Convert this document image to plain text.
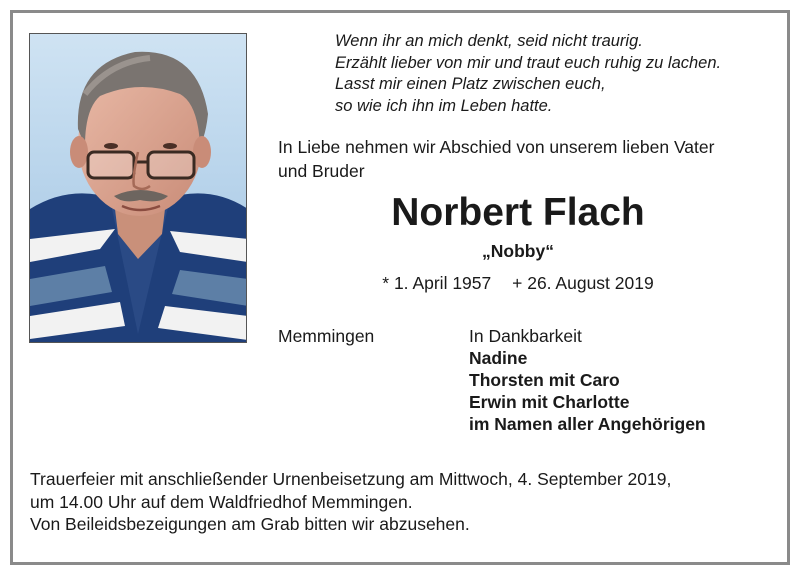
Wenn ihr an mich denkt, seid nicht traurig.
Erzählt lieber von mir und traut euch ruhig zu lachen.
Lasst mir einen Platz zwischen euch,
so wie ich ihn im Leben hatte.
In Liebe nehmen wir Abschied von unserem lieben Vater
und Bruder
Norbert Flach
„Nobby“
* 1. April 1957 + 26. August 2019
Memmingen	In Dankbarkeit
Nadine
Thorsten mit Caro
Erwin mit Charlotte
im Namen aller Angehörigen
Trauerfeier mit anschließender Urnenbeisetzung am Mittwoch, 4. September 2019,
um 14.00 Uhr auf dem Waldfriedhof Memmingen.
Von Beileidsbezeigungen am Grab bitten wir abzusehen.
